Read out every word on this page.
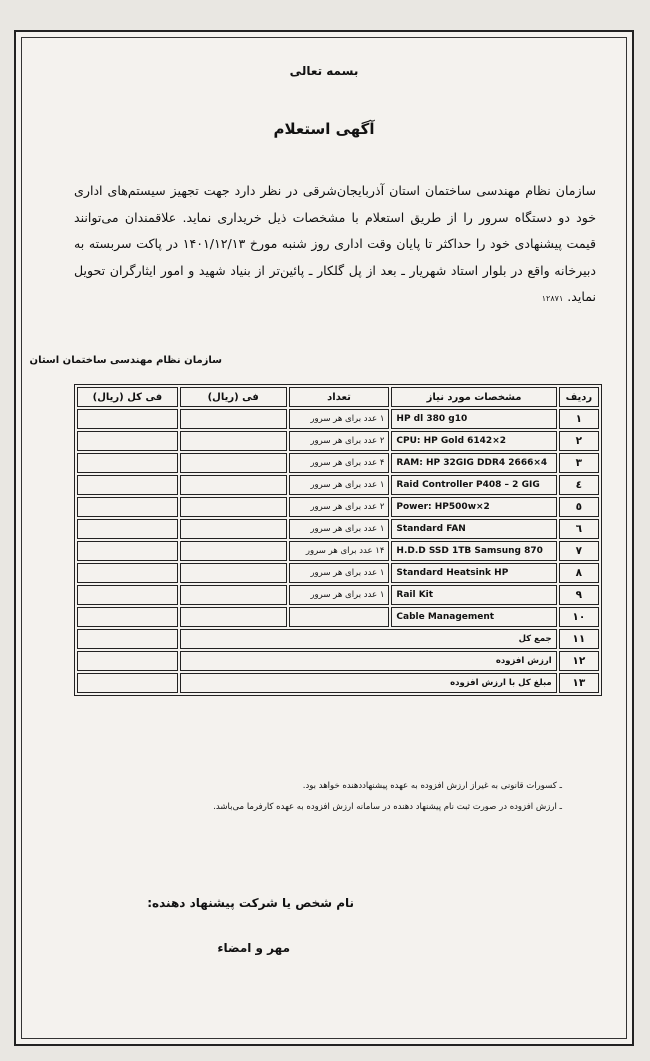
بسمه تعالی
آگهی استعلام
سازمان نظام مهندسی ساختمان استان آذربایجان‌شرقی در نظر دارد جهت تجهیز سیستم‌های اداری خود دو دستگاه سرور را از طریق استعلام با مشخصات ذیل خریداری نماید. علاقمندان می‌توانند قیمت پیشنهادی خود را حداکثر تا پایان وقت اداری روز شنبه مورخ ۱۴۰۱/۱۲/۱۳ در پاکت سربسته به دبیرخانه واقع در بلوار استاد شهریار ـ بعد از پل گلکار ـ پائین‌تر از بنیاد شهید و امور ایثارگران تحویل نماید. ۱۲۸۷۱
سازمان نظام مهندسی ساختمان استان
ردیف	مشخصات مورد نیاز	تعداد	فی (ریال)	فی کل (ریال)
۱	HP dl 380 g10	۱ عدد برای هر سرور		
۲	CPU: HP Gold 6142×2	۲ عدد برای هر سرور		
۳	RAM: HP 32GIG DDR4 2666×4	۴ عدد برای هر سرور		
٤	Raid Controller P408 – 2 GIG	۱ عدد برای هر سرور		
٥	Power: HP500w×2	۲ عدد برای هر سرور		
٦	Standard FAN	۱ عدد برای هر سرور		
۷	H.D.D SSD 1TB Samsung 870	۱۴ عدد برای هر سرور		
۸	Standard Heatsink HP	۱ عدد برای هر سرور		
۹	Rail Kit	۱ عدد برای هر سرور		
۱۰	Cable Management			
۱۱	جمع کل			
۱۲	ارزش افزوده			
۱۳	مبلغ کل با ارزش افزوده			
ـ کسورات قانونی به غیراز ارزش افزوده به عهده پیشنهاددهنده خواهد بود.
ـ ارزش افزوده در صورت ثبت نام پیشنهاد دهنده در سامانه ارزش افزوده به عهده کارفرما می‌باشد.
نام شخص یا شرکت پیشنهاد دهنده:
مهر و امضاء
